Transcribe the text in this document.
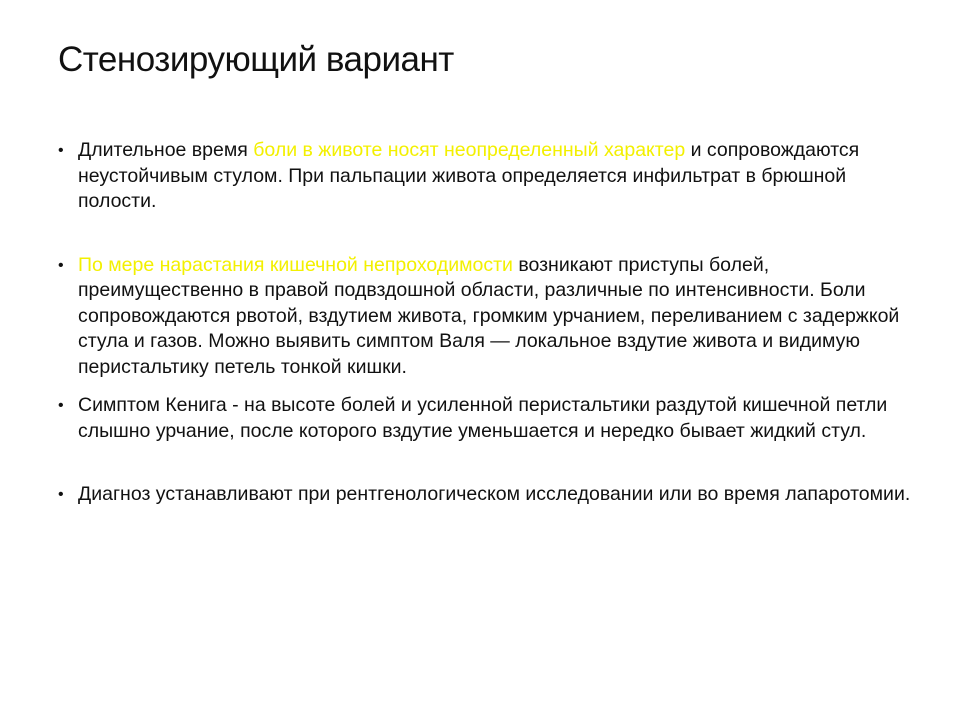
Стенозирующий вариант
• Длительное время боли в животе носят неопределенный характер и сопровождаются неустойчивым стулом. При пальпации живота определяется инфильтрат в брюшной полости.
• По мере нарастания кишечной непроходимости возникают приступы болей, преимущественно в правой подвздошной области, различные по интенсивности. Боли сопровождаются рвотой, вздутием живота, громким урчанием, переливанием с задержкой стула и газов. Можно выявить симптом Валя — локальное вздутие живота и видимую перистальтику петель тонкой кишки.
• Симптом Кенига - на высоте болей и усиленной перистальтики раздутой кишечной петли слышно урчание, после которого вздутие уменьшается и нередко бывает жидкий стул.
• Диагноз устанавливают при рентгенологическом исследовании или во время лапаротомии.
